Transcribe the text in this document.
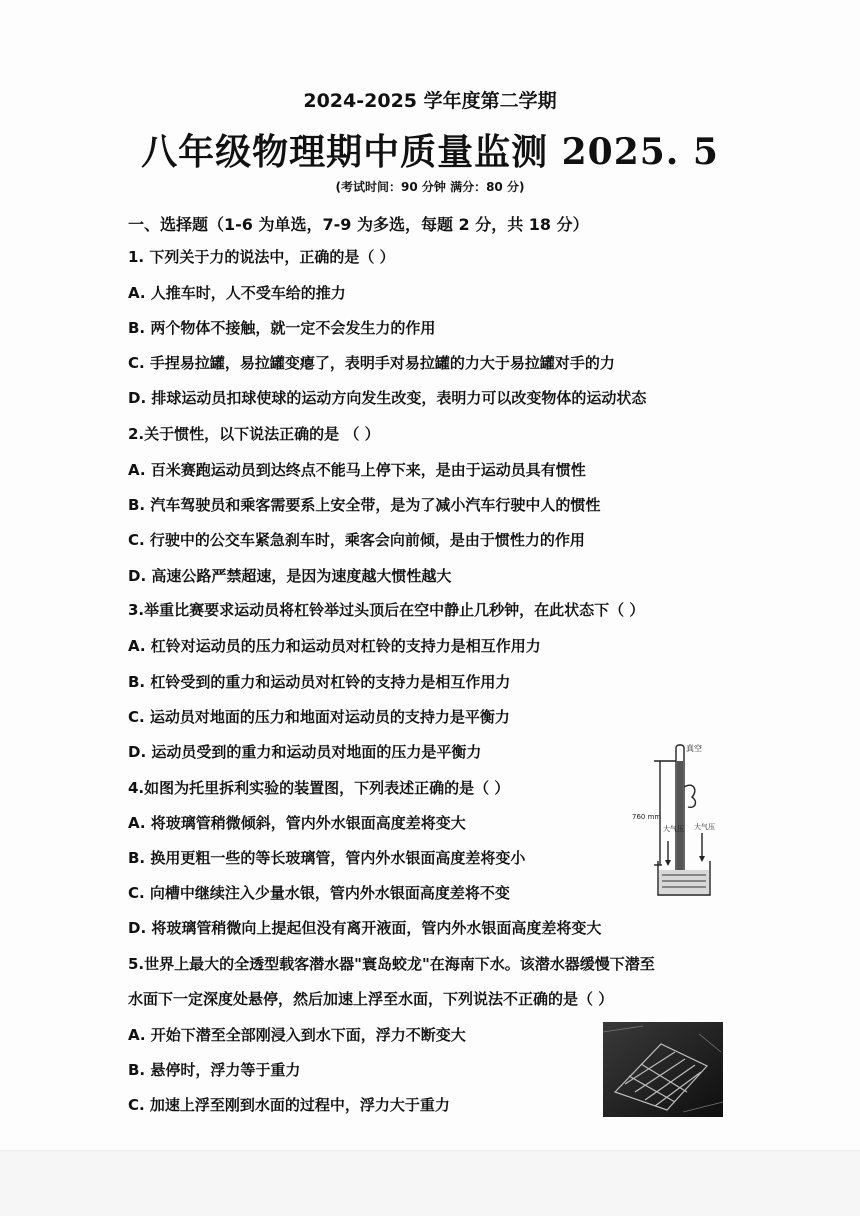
2024-2025 学年度第二学期
八年级物理期中质量监测 2025. 5
(考试时间：90 分钟 满分：80 分)
一、选择题（1-6 为单选，7-9 为多选，每题 2 分，共 18 分）
1. 下列关于力的说法中，正确的是（ ）
A. 人推车时，人不受车给的推力
B. 两个物体不接触，就一定不会发生力的作用
C. 手捏易拉罐，易拉罐变瘪了，表明手对易拉罐的力大于易拉罐对手的力
D. 排球运动员扣球使球的运动方向发生改变，表明力可以改变物体的运动状态
2.关于惯性，以下说法正确的是 （ ）
A. 百米赛跑运动员到达终点不能马上停下来，是由于运动员具有惯性
B. 汽车驾驶员和乘客需要系上安全带，是为了减小汽车行驶中人的惯性
C. 行驶中的公交车紧急刹车时，乘客会向前倾，是由于惯性力的作用
D. 高速公路严禁超速，是因为速度越大惯性越大
3.举重比赛要求运动员将杠铃举过头顶后在空中静止几秒钟，在此状态下（ ）
A. 杠铃对运动员的压力和运动员对杠铃的支持力是相互作用力
B. 杠铃受到的重力和运动员对杠铃的支持力是相互作用力
C. 运动员对地面的压力和地面对运动员的支持力是平衡力
D. 运动员受到的重力和运动员对地面的压力是平衡力
4.如图为托里拆利实验的装置图，下列表述正确的是（ ）
A. 将玻璃管稍微倾斜，管内外水银面高度差将变大
B. 换用更粗一些的等长玻璃管，管内外水银面高度差将变小
C. 向槽中继续注入少量水银，管内外水银面高度差将不变
D. 将玻璃管稍微向上提起但没有离开液面，管内外水银面高度差将变大
5.世界上最大的全透型载客潜水器"寰岛蛟龙"在海南下水。该潜水器缓慢下潜至
水面下一定深度处悬停，然后加速上浮至水面，下列说法不正确的是（ ）
A. 开始下潜至全部刚浸入到水下面，浮力不断变大
B. 悬停时，浮力等于重力
C. 加速上浮至刚到水面的过程中，浮力大于重力
真空
760 mm
大气压 大气压
